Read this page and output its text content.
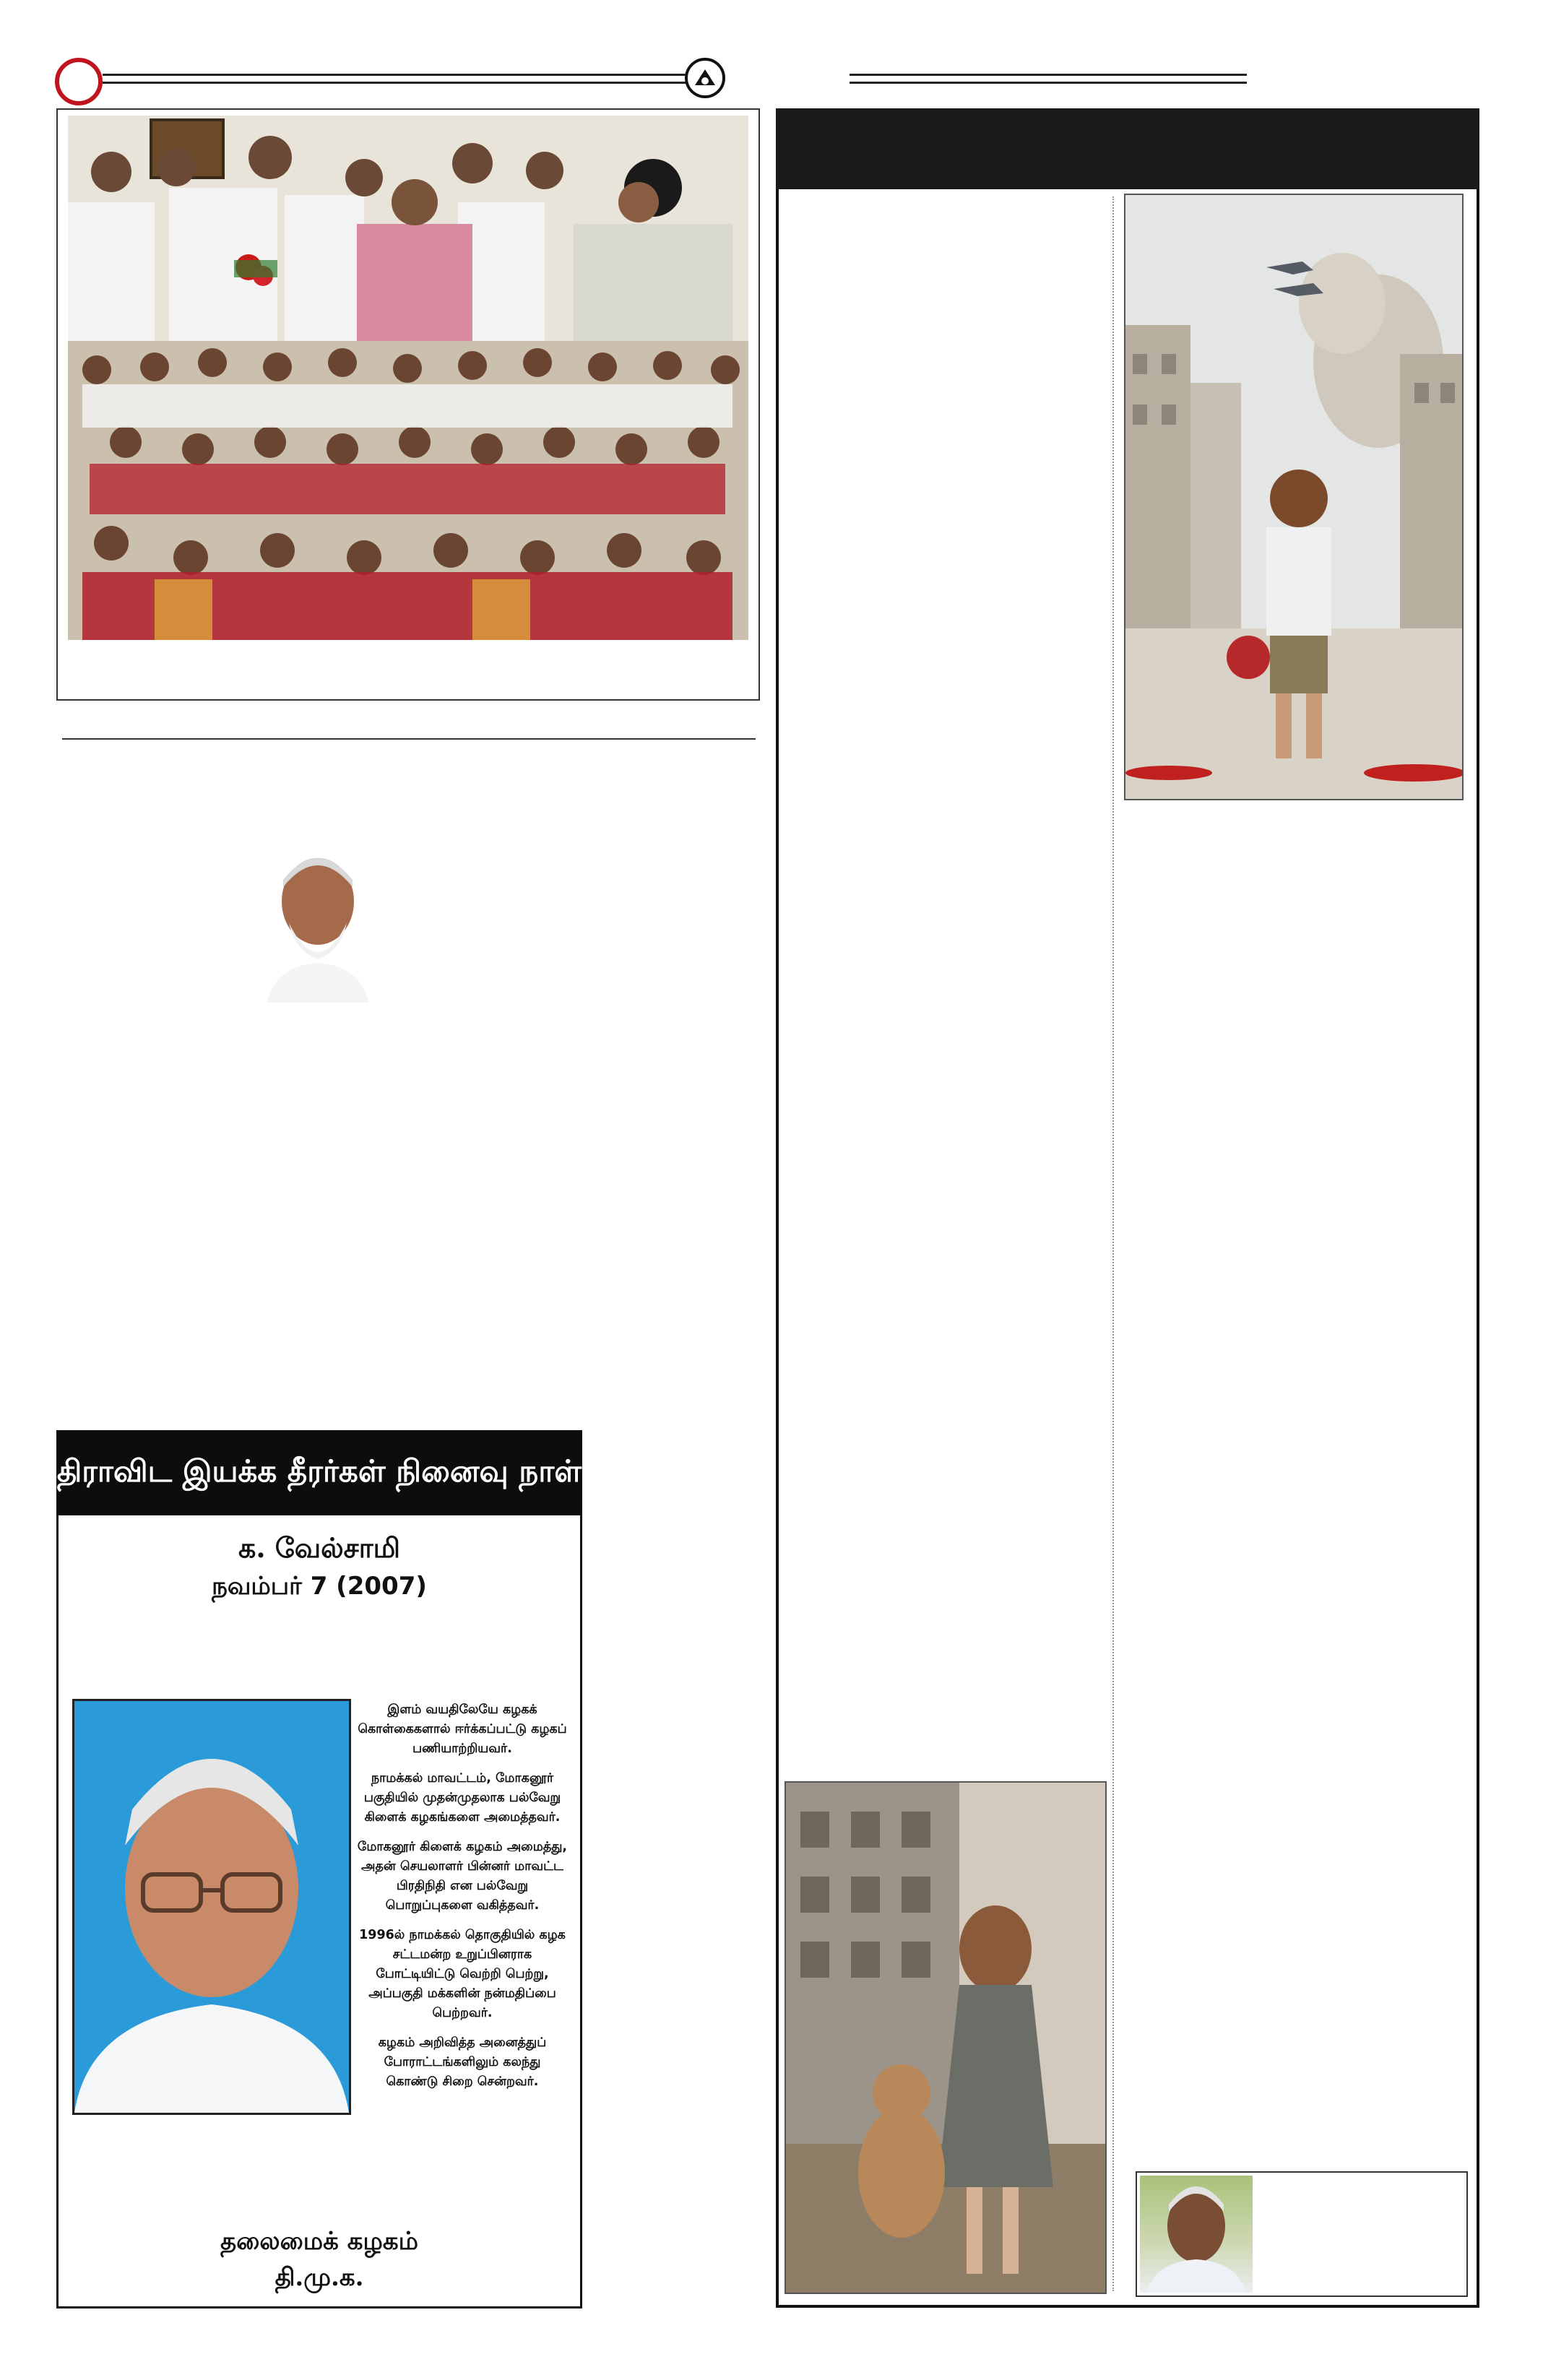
திராவிட இயக்க தீரர்கள் நினைவு நாள்
க. வேல்சாமி
நவம்பர் 7 (2007)

இளம் வயதிலேயே கழகக் கொள்கைகளால் ஈர்க்கப்பட்டு கழகப் பணியாற்றியவர்.

நாமக்கல் மாவட்டம், மோகனூர் பகுதியில் முதன்முதலாக பல்வேறு கிளைக் கழகங்களை அமைத்தவர்.

மோகனூர் கிளைக் கழகம் அமைத்து, அதன் செயலாளர் பின்னர் மாவட்ட பிரதிநிதி என பல்வேறு பொறுப்புகளை வகித்தவர்.

1996ல் நாமக்கல் தொகுதியில் கழக சட்டமன்ற உறுப்பினராக போட்டியிட்டு வெற்றி பெற்று, அப்பகுதி மக்களின் நன்மதிப்பை பெற்றவர்.

கழகம் அறிவித்த அனைத்துப் போராட்டங்களிலும் கலந்து கொண்டு சிறை சென்றவர்.

தலைமைக் கழகம்
தி.மு.க.
